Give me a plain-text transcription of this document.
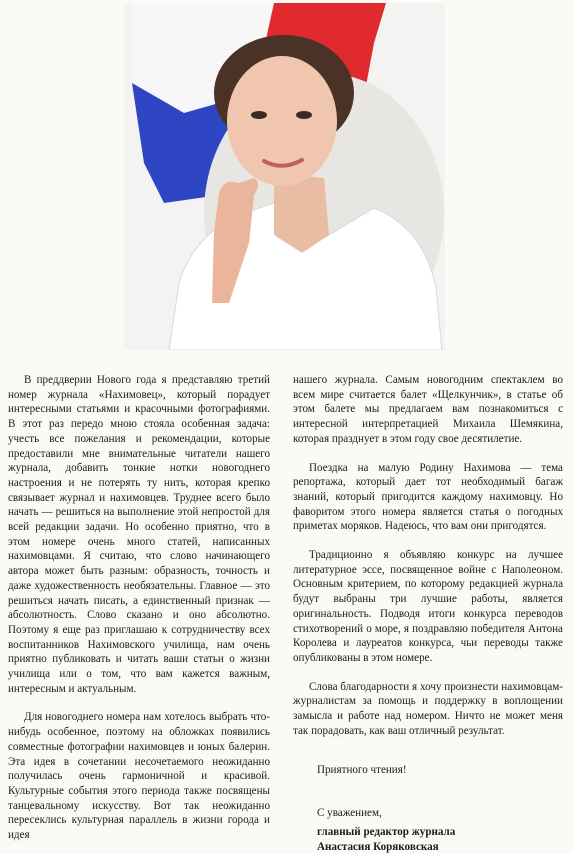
В преддверии Нового года я представляю третий номер журнала «Нахимовец», который порадует интересными статьями и красочными фотографиями. В этот раз передо мною стояла особенная задача: учесть все пожелания и рекомендации, которые предоставили мне внимательные читатели нашего журнала, добавить тонкие нотки новогоднего настроения и не потерять ту нить, которая крепко связывает журнал и нахимовцев. Труднее всего было начать — решиться на выполнение этой непростой для всей редакции задачи. Но особенно приятно, что в этом номере очень много статей, написанных нахимовцами. Я считаю, что слово начинающего автора может быть разным: образность, точность и даже художественность необязательны. Главное — это решиться начать писать, а единственный признак — абсолютность. Слово сказано и оно абсолютно. Поэтому я еще раз приглашаю к сотрудничеству всех воспитанников Нахимовского училища, нам очень приятно публиковать и читать ваши статьи о жизни училища или о том, что вам кажется важным, интересным и актуальным.

Для новогоднего номера нам хотелось выбрать что-нибудь особенное, поэтому на обложках появились совместные фотографии нахимовцев и юных балерин. Эта идея в сочетании несочетаемого неожиданно получилась очень гармоничной и красивой. Культурные события этого периода также посвящены танцевальному искусству. Вот так неожиданно пересеклись культурная параллель в жизни города и идея

нашего журнала. Самым новогодним спектаклем во всем мире считается балет «Щелкунчик», в статье об этом балете мы предлагаем вам познакомиться с интересной интерпретацией Михаила Шемякина, которая празднует в этом году свое десятилетие.

Поездка на малую Родину Нахимова — тема репортажа, который дает тот необходимый багаж знаний, который пригодится каждому нахимовцу. Но фаворитом этого номера является статья о погодных приметах моряков. Надеюсь, что вам они пригодятся.

Традиционно я объявляю конкурс на лучшее литературное эссе, посвященное войне с Наполеоном. Основным критерием, по которому редакцией журнала будут выбраны три лучшие работы, является оригинальность. Подводя итоги конкурса переводов стихотворений о море, я поздравляю победителя Антона Королева и лауреатов конкурса, чьи переводы также опубликованы в этом номере.

Слова благодарности я хочу произнести нахимовцам-журналистам за помощь и поддержку в воплощении замысла и работе над номером. Ничто не может меня так порадовать, как ваш отличный результат.

Приятного чтения!

С уважением,

главный редактор журнала
Анастасия Коряковская
